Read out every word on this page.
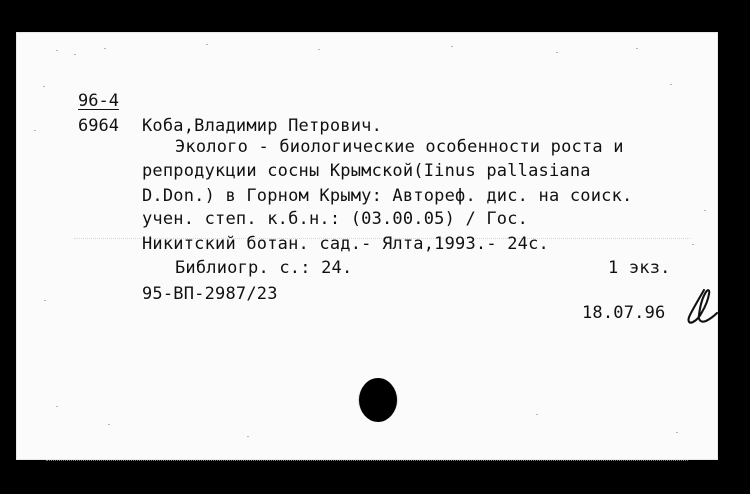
96-4
6964 Коба,Владимир Петрович.
Эколого - биологические особенности роста и
репродукции сосны Крымской(Iinus pallasiana
D.Don.) в Горном Крыму: Автореф. дис. на соиск.
учен. степ. к.б.н.: (03.00.05) / Гос.
Никитский ботан. сад.- Ялта,1993.- 24с.
Библиогр. с.: 24.	1 экз.
95-ВП-2987/23
18.07.96
